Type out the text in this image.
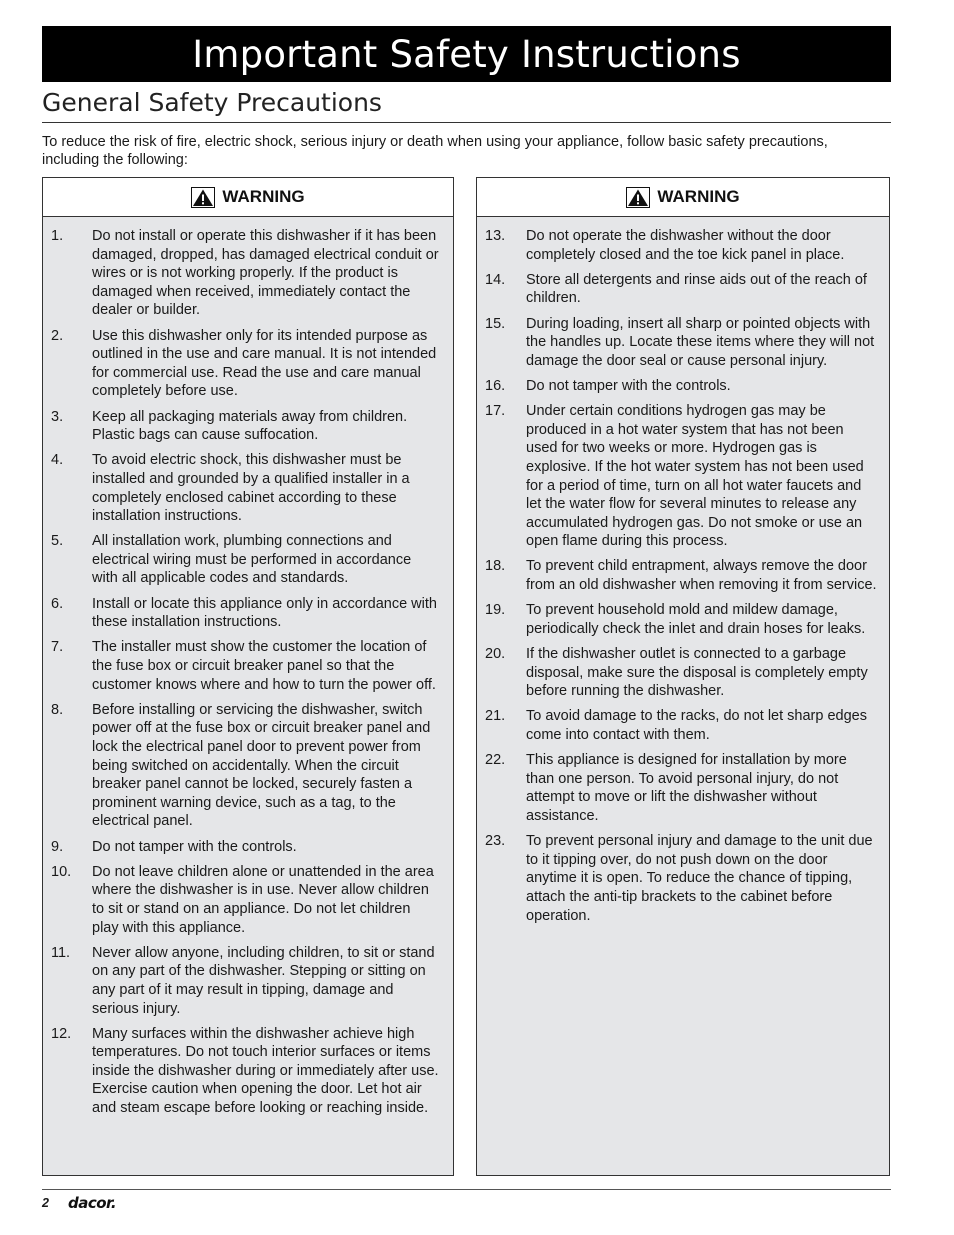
Important Safety Instructions
General Safety Precautions
To reduce the risk of fire, electric shock, serious injury or death when using your appliance, follow basic safety precautions, including the following:
WARNING
1.	Do not install or operate this dishwasher if it has been damaged, dropped, has damaged electrical conduit or wires or is not working properly. If the product is damaged when received, immediately contact the dealer or builder.
2.	Use this dishwasher only for its intended purpose as outlined in the use and care manual. It is not intended for commercial use. Read the use and care manual completely before use.
3.	Keep all packaging materials away from children. Plastic bags can cause suffocation.
4.	To avoid electric shock, this dishwasher must be installed and grounded by a qualified installer in a completely enclosed cabinet according to these installation instructions.
5.	All installation work, plumbing connections and electrical wiring must be performed in accordance with all applicable codes and standards.
6.	Install or locate this appliance only in accordance with these installation instructions.
7.	The installer must show the customer the location of the fuse box or circuit breaker panel so that the customer knows where and how to turn the power off.
8.	Before installing or servicing the dishwasher, switch power off at the fuse box or circuit breaker panel and lock the electrical panel door to prevent power from being switched on accidentally. When the circuit breaker panel cannot be locked, securely fasten a prominent warning device, such as a tag, to the electrical panel.
9.	Do not tamper with the controls.
10.	Do not leave children alone or unattended in the area where the dishwasher is in use. Never allow children to sit or stand on an appliance. Do not let children play with this appliance.
11.	Never allow anyone, including children, to sit or stand on any part of the dishwasher. Stepping or sitting on any part of it may result in tipping, damage and serious injury.
12.	Many surfaces within the dishwasher achieve high temperatures. Do not touch interior surfaces or items inside the dishwasher during or immediately after use. Exercise caution when opening the door. Let hot air and steam escape before looking or reaching inside.
WARNING
13.	Do not operate the dishwasher without the door completely closed and the toe kick panel in place.
14.	Store all detergents and rinse aids out of the reach of children.
15.	During loading, insert all sharp or pointed objects with the handles up. Locate these items where they will not damage the door seal or cause personal injury.
16.	Do not tamper with the controls.
17.	Under certain conditions hydrogen gas may be produced in a hot water system that has not been used for two weeks or more. Hydrogen gas is explosive. If the hot water system has not been used for a period of time, turn on all hot water faucets and let the water flow for several minutes to release any accumulated hydrogen gas. Do not smoke or use an open flame during this process.
18.	To prevent child entrapment, always remove the door from an old dishwasher when removing it from service.
19.	To prevent household mold and mildew damage, periodically check the inlet and drain hoses for leaks.
20.	If the dishwasher outlet is connected to a garbage disposal, make sure the disposal is completely empty before running the dishwasher.
21.	To avoid damage to the racks, do not let sharp edges come into contact with them.
22.	This appliance is designed for installation by more than one person. To avoid personal injury, do not attempt to move or lift the dishwasher without assistance.
23.	To prevent personal injury and damage to the unit due to it tipping over, do not push down on the door anytime it is open. To reduce the chance of tipping, attach the anti-tip brackets to the cabinet before operation.
2 dacor.
